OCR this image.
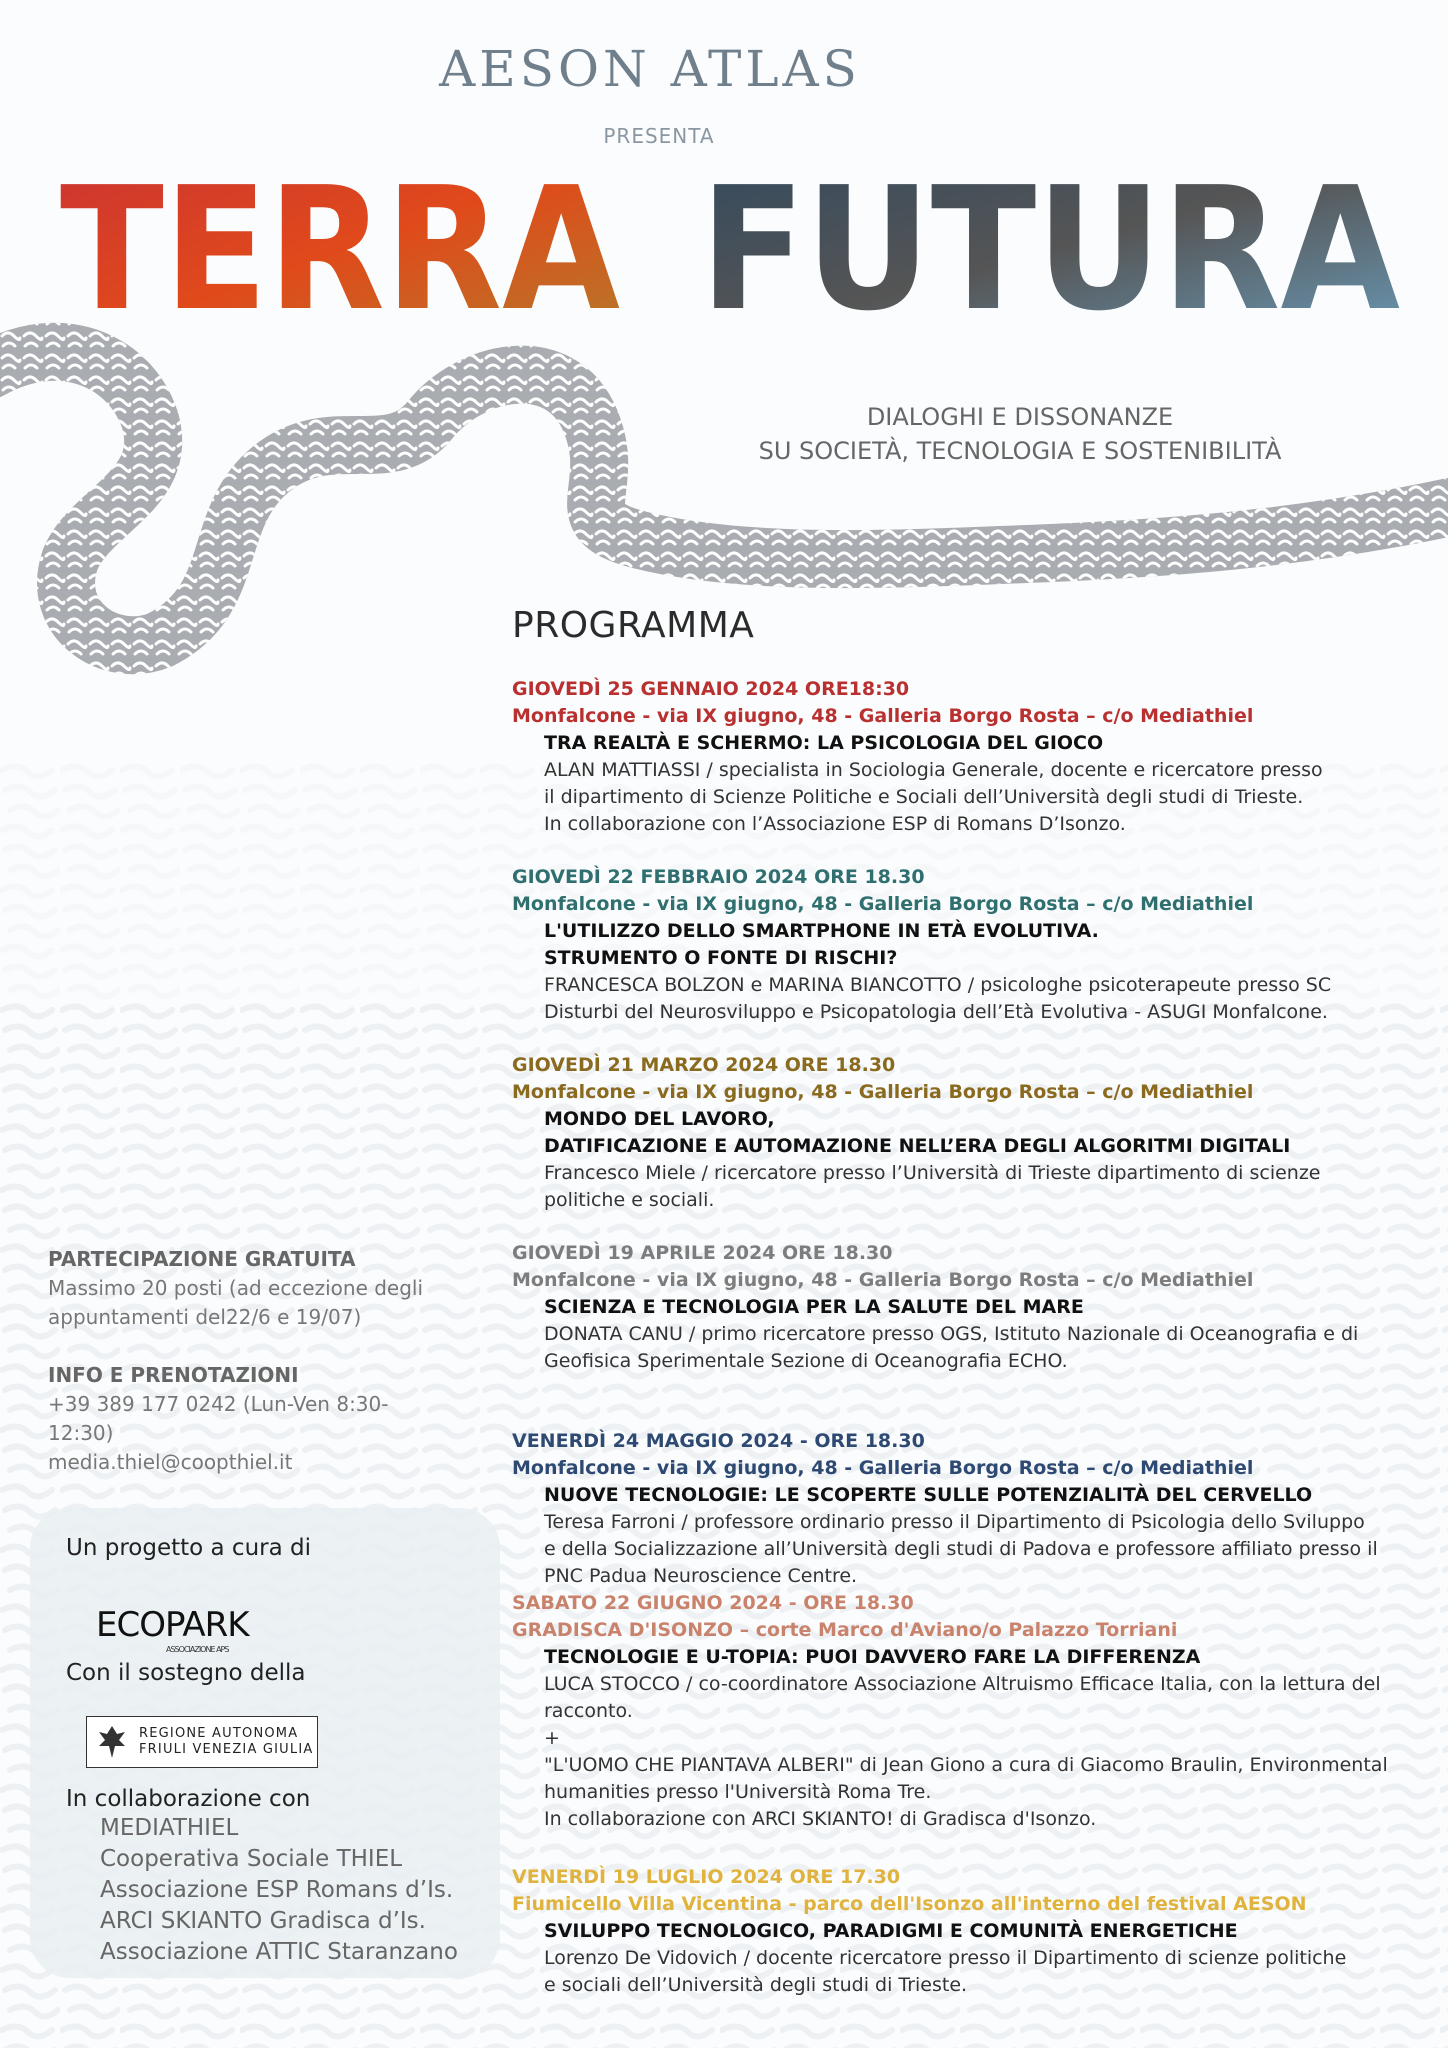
AESON ATLAS
PRESENTA
TERRA FUTURA
DIALOGHI E DISSONANZE
SU SOCIETÀ, TECNOLOGIA E SOSTENIBILITÀ
PROGRAMMA
GIOVEDÌ 25 GENNAIO 2024 ORE18:30
Monfalcone - via IX giugno, 48 - Galleria Borgo Rosta – c/o Mediathiel
TRA REALTÀ E SCHERMO: LA PSICOLOGIA DEL GIOCO
ALAN MATTIASSI / specialista in Sociologia Generale, docente e ricercatore presso
il dipartimento di Scienze Politiche e Sociali dell’Università degli studi di Trieste.
In collaborazione con l’Associazione ESP di Romans D’Isonzo.
GIOVEDÌ 22 FEBBRAIO 2024 ORE 18.30
Monfalcone - via IX giugno, 48 - Galleria Borgo Rosta – c/o Mediathiel
L'UTILIZZO DELLO SMARTPHONE IN ETÀ EVOLUTIVA.
STRUMENTO O FONTE DI RISCHI?
FRANCESCA BOLZON e MARINA BIANCOTTO / psicologhe psicoterapeute presso SC
Disturbi del Neurosviluppo e Psicopatologia dell’Età Evolutiva - ASUGI Monfalcone.
GIOVEDÌ 21 MARZO 2024 ORE 18.30
Monfalcone - via IX giugno, 48 - Galleria Borgo Rosta – c/o Mediathiel
MONDO DEL LAVORO,
DATIFICAZIONE E AUTOMAZIONE NELL’ERA DEGLI ALGORITMI DIGITALI
Francesco Miele / ricercatore presso l’Università di Trieste dipartimento di scienze
politiche e sociali.
GIOVEDÌ 19 APRILE 2024 ORE 18.30
Monfalcone - via IX giugno, 48 - Galleria Borgo Rosta – c/o Mediathiel
SCIENZA E TECNOLOGIA PER LA SALUTE DEL MARE
DONATA CANU / primo ricercatore presso OGS, Istituto Nazionale di Oceanografia e di
Geofisica Sperimentale Sezione di Oceanografia ECHO.
VENERDÌ 24 MAGGIO 2024 - ORE 18.30
Monfalcone - via IX giugno, 48 - Galleria Borgo Rosta – c/o Mediathiel
NUOVE TECNOLOGIE: LE SCOPERTE SULLE POTENZIALITÀ DEL CERVELLO
Teresa Farroni / professore ordinario presso il Dipartimento di Psicologia dello Sviluppo
e della Socializzazione all’Università degli studi di Padova e professore affiliato presso il
PNC Padua Neuroscience Centre.
SABATO 22 GIUGNO 2024 - ORE 18.30
GRADISCA D'ISONZO – corte Marco d'Aviano/o Palazzo Torriani
TECNOLOGIE E U-TOPIA: PUOI DAVVERO FARE LA DIFFERENZA
LUCA STOCCO / co-coordinatore Associazione Altruismo Efficace Italia, con la lettura del
racconto.
+
"L'UOMO CHE PIANTAVA ALBERI" di Jean Giono a cura di Giacomo Braulin, Environmental
humanities presso l'Università Roma Tre.
In collaborazione con ARCI SKIANTO! di Gradisca d'Isonzo.
VENERDÌ 19 LUGLIO 2024 ORE 17.30
Fiumicello Villa Vicentina - parco dell'Isonzo all'interno del festival AESON
SVILUPPO TECNOLOGICO, PARADIGMI E COMUNITÀ ENERGETICHE
Lorenzo De Vidovich / docente ricercatore presso il Dipartimento di scienze politiche
e sociali dell’Università degli studi di Trieste.
PARTECIPAZIONE GRATUITA
Massimo 20 posti (ad eccezione degli
appuntamenti del22/6 e 19/07)
INFO E PRENOTAZIONI
+39 389 177 0242 (Lun-Ven 8:30-12:30)
media.thiel@coopthiel.it
Un progetto a cura di
ECOPARK
ASSOCIAZIONE APS
Con il sostegno della
REGIONE AUTONOMA
FRIULI VENEZIA GIULIA
In collaborazione con
MEDIATHIEL
Cooperativa Sociale THIEL
Associazione ESP Romans d’Is.
ARCI SKIANTO Gradisca d’Is.
Associazione ATTIC Staranzano
